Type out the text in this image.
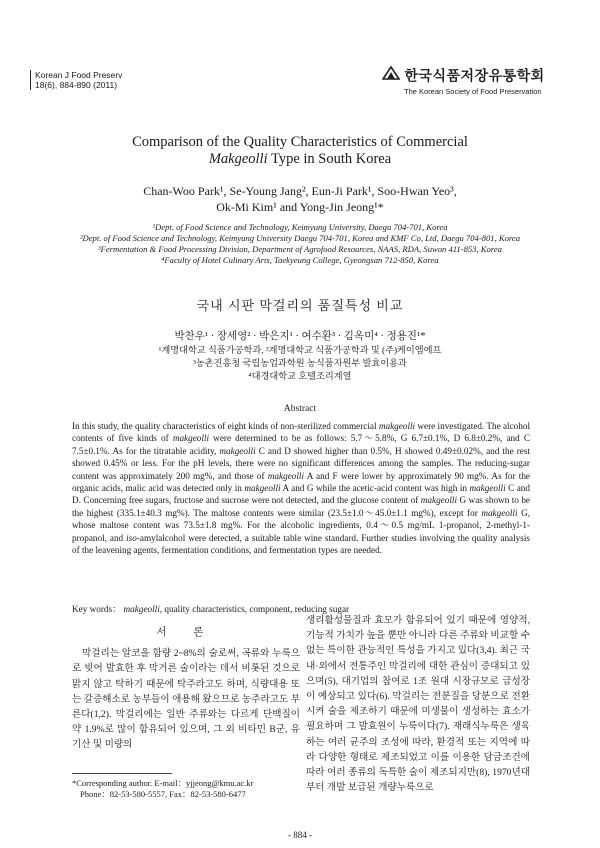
Korean J Food Preserv
18(6), 884-890 (2011)
한국식품저장유통학회
The Korean Society of Food Preservation
Comparison of the Quality Characteristics of Commercial
Makgeolli Type in South Korea
Chan-Woo Park¹, Se-Young Jang², Eun-Ji Park¹, Soo-Hwan Yeo³,
Ok-Mi Kim¹ and Yong-Jin Jeong¹*
¹Dept. of Food Science and Technology, Keimyung University, Daegu 704-701, Korea
²Dept. of Food Science and Technology, Keimyung University Daegu 704-701, Korea and KMF Co, Ltd, Daegu 704-801, Korea
³Fermentation & Food Processing Division, Department of Agrofood Resources, NAAS, RDA, Suwon 411-853, Korea
⁴Faculty of Hotel Culinary Arts, Taekyeung College, Gyeongsan 712-850, Korea
국내 시판 막걸리의 품질특성 비교
박찬우¹ · 장세영² · 박은지¹ · 여수환³ · 김옥미⁴ · 정용진¹*
¹계명대학교 식품가공학과, ²계명대학교 식품가공학과 및 (주)케이엠에프
³농촌진흥청 국립농업과학원 농식품자원부 발효이용과
⁴대경대학교 호텔조리계열
Abstract
In this study, the quality characteristics of eight kinds of non-sterilized commercial makgeolli were investigated. The alcohol contents of five kinds of makgeolli were determined to be as follows: 5.7～5.8%, G 6.7±0.1%, D 6.8±0.2%, and C 7.5±0.1%. As for the titratable acidity, makgeolli C and D showed higher than 0.5%, H showed 0.49±0.02%, and the rest showed 0.45% or less. For the pH levels, there were no significant differences among the samples. The reducing-sugar content was approximately 200 mg%, and those of makgeolli A and F were lower by approximately 90 mg%. As for the organic acids, malic acid was detected only in makgeolli A and G while the acetic-acid content was high in makgeolli C and D. Concerning free sugars, fructose and sucrose were not detected, and the glucose content of makgeolli G was shown to be the highest (335.1±40.3 mg%). The maltose contents were similar (23.5±1.0～45.0±1.1 mg%), except for makgeolli G, whose maltose content was 73.5±1.8 mg%. For the alcoholic ingredients, 0.4～0.5 mg/mL 1-propanol, 2-methyl-1-propanol, and iso-amylalcohol were detected, a suitable table wine standard. Further studies involving the quality analysis of the leavening agents, fermentation conditions, and fermentation types are needed.
Key words： makgeolli, quality characteristics, component, reducing sugar
서 론
막걸리는 알코올 함량 2~8%의 술로써, 곡류와 누룩으로 빚어 발효한 후 막거른 술이라는 데서 비롯된 것으로 맑지 않고 탁하기 때문에 탁주라고도 하며, 식량대용 또는 갈증해소로 농부들이 애용해 왔으므로 농주라고도 부른다(1,2). 막걸리에는 일반 주류와는 다르게 단백질이 약 1.9%로 많이 함유되어 있으며, 그 외 비타민 B군, 유기산 및 미량의
생리활성물질과 효모가 함유되어 있기 때문에 영양적, 기능적 가치가 높을 뿐만 아니라 다른 주류와 비교할 수 없는 특이한 관능적인 특성을 가지고 있다(3,4). 최근 국내·외에서 전통주인 막걸리에 대한 관심이 증대되고 있으며(5), 대기업의 참여로 1조 원대 시장규모로 급성장이 예상되고 있다(6). 막걸리는 전분질을 당분으로 전환시켜 술을 제조하기 때문에 미생물이 생성하는 효소가 필요하며 그 발효원이 누룩이다(7). 재래식누룩은 생육하는 여러 균주의 조성에 따라, 환경적 또는 지역에 따라 다양한 형태로 제조되었고 이를 이용한 담금조건에 따라 여러 종류의 독특한 술이 제조되지만(8), 1970년대부터 개발 보급된 개량누룩으로
*Corresponding author. E-mail：yjjeong@kmu.ac.kr
Phone：82-53-580-5557, Fax：82-53-580-6477
- 884 -
